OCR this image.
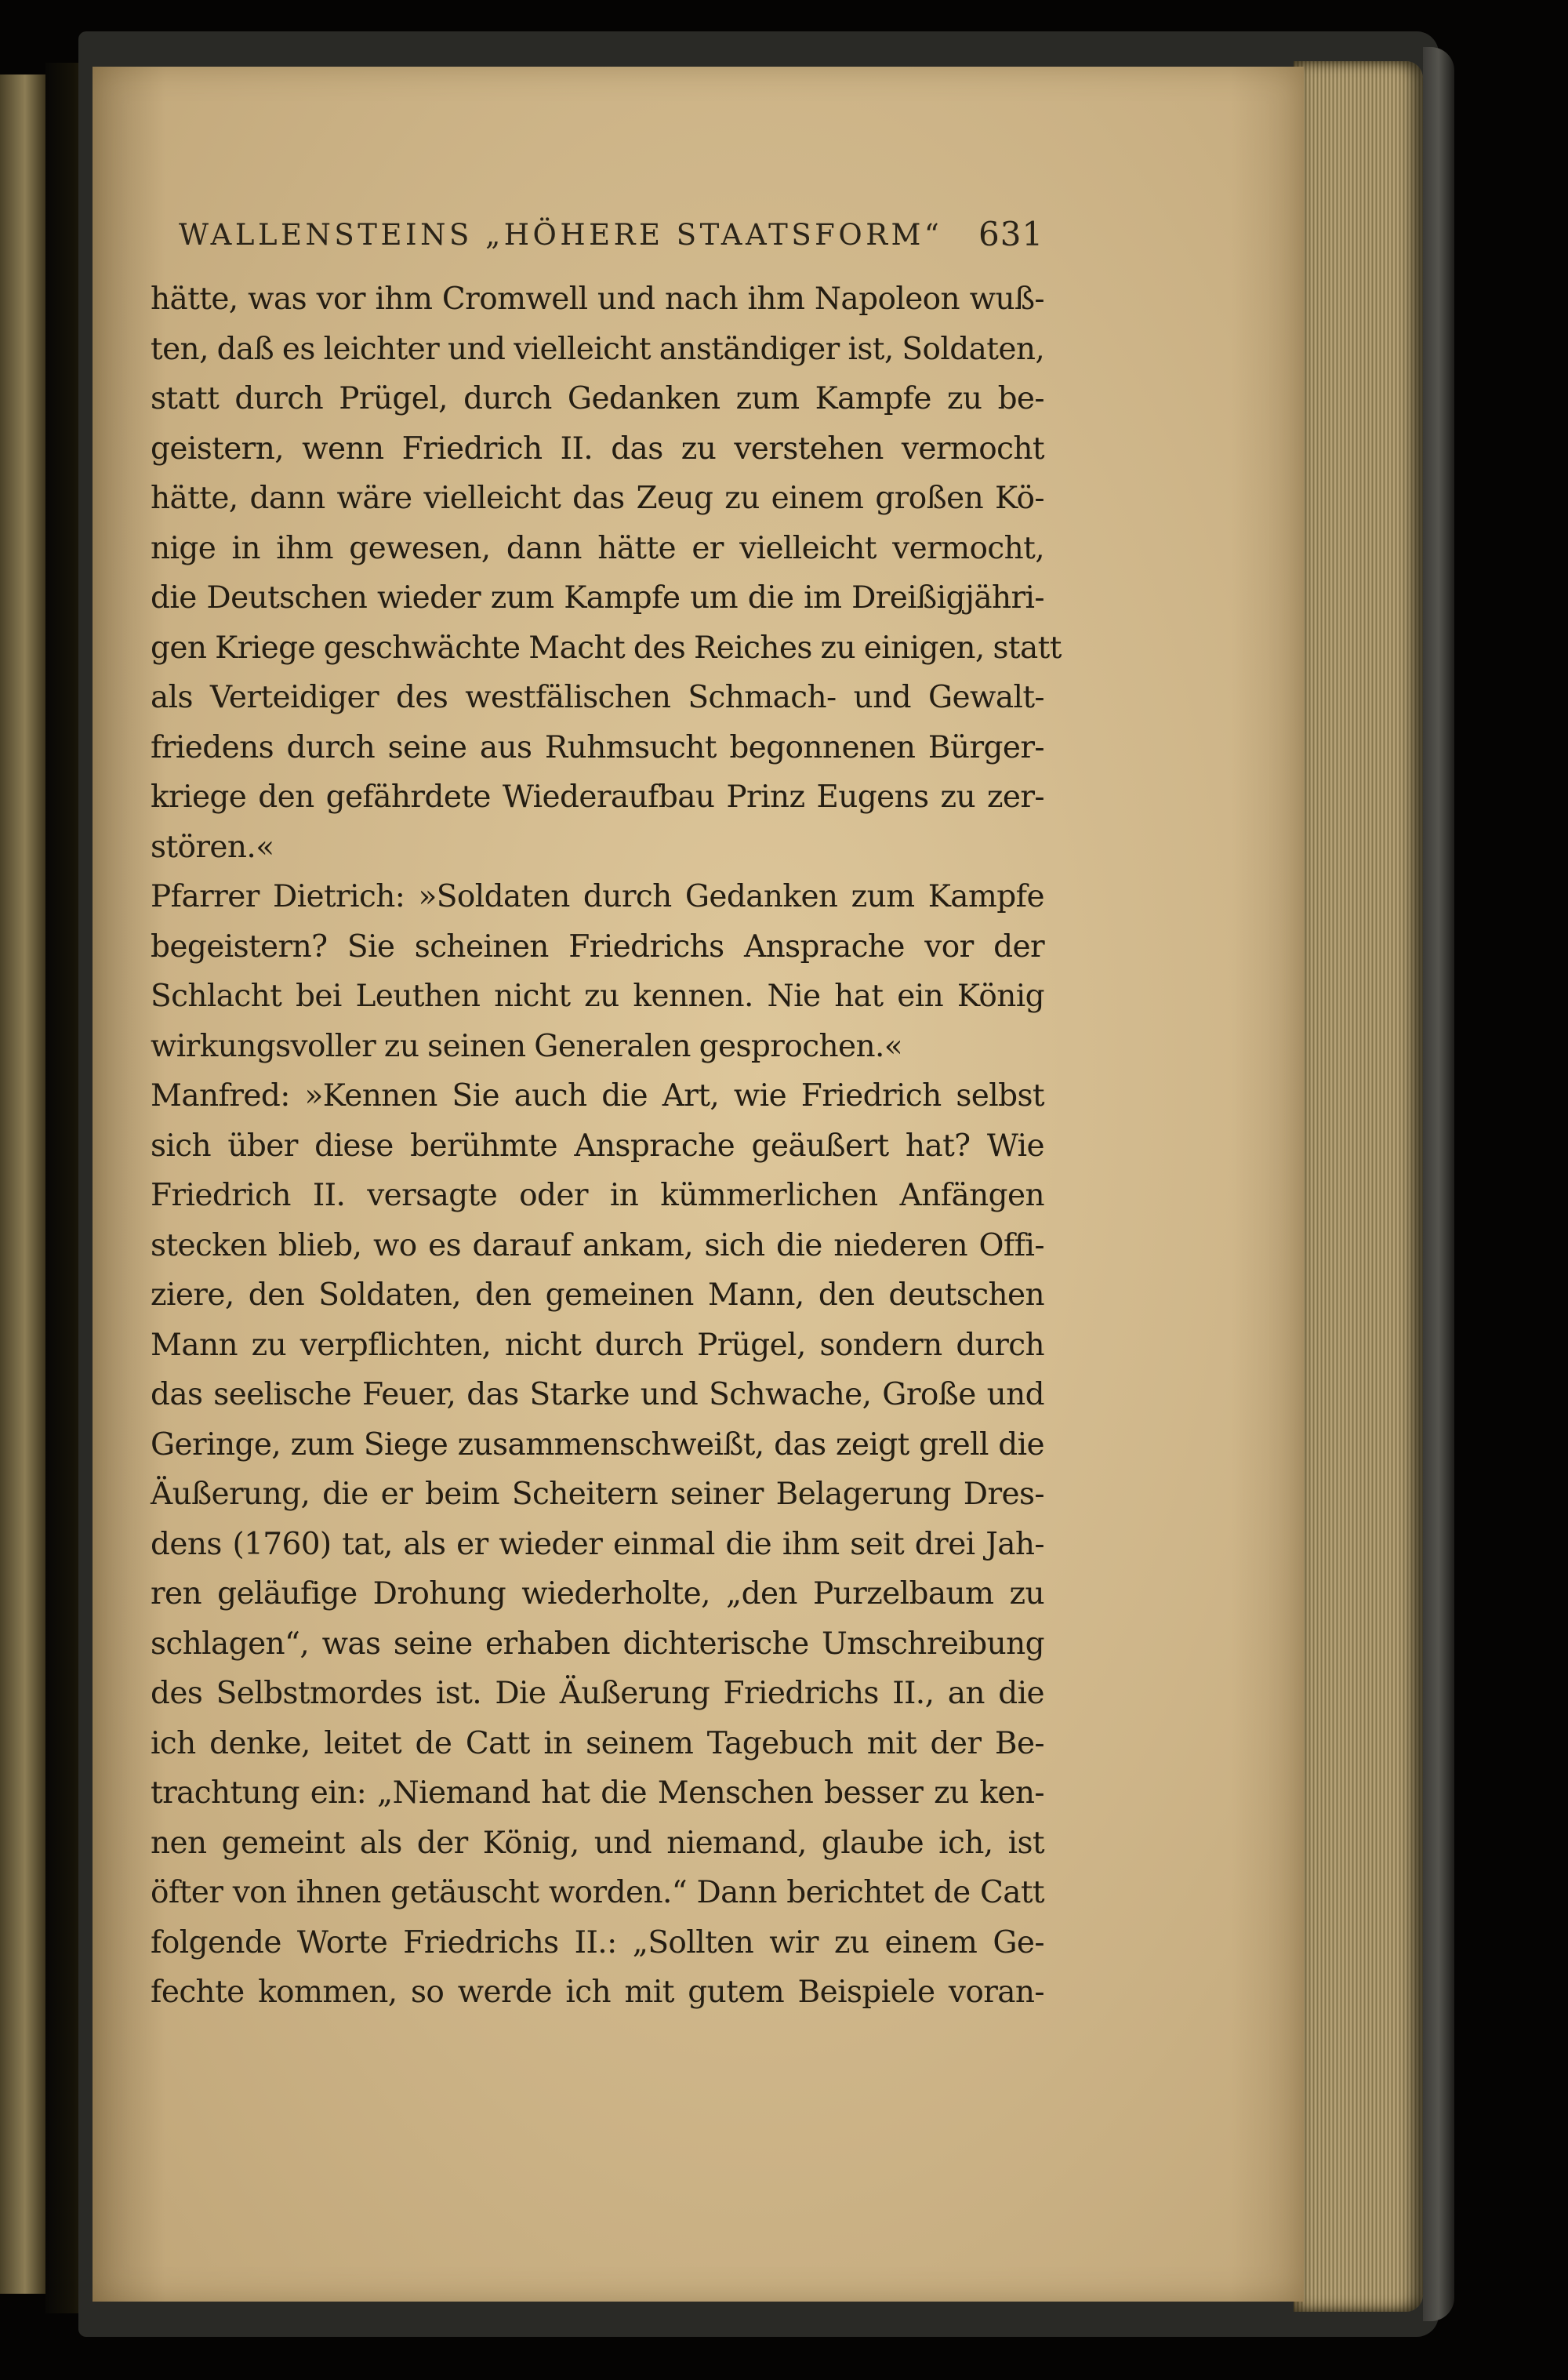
WALLENSTEINS „HÖHERE STAATSFORM“ 631
hätte, was vor ihm Cromwell und nach ihm Napoleon wuß-
ten, daß es leichter und vielleicht anständiger ist, Soldaten,
statt durch Prügel, durch Gedanken zum Kampfe zu be-
geistern, wenn Friedrich II. das zu verstehen vermocht
hätte, dann wäre vielleicht das Zeug zu einem großen Kö-
nige in ihm gewesen, dann hätte er vielleicht vermocht,
die Deutschen wieder zum Kampfe um die im Dreißigjähri-
gen Kriege geschwächte Macht des Reiches zu einigen, statt
als Verteidiger des westfälischen Schmach- und Gewalt-
friedens durch seine aus Ruhmsucht begonnenen Bürger-
kriege den gefährdete Wiederaufbau Prinz Eugens zu zer-
stören.«
Pfarrer Dietrich: »Soldaten durch Gedanken zum Kampfe
begeistern? Sie scheinen Friedrichs Ansprache vor der
Schlacht bei Leuthen nicht zu kennen. Nie hat ein König
wirkungsvoller zu seinen Generalen gesprochen.«
Manfred: »Kennen Sie auch die Art, wie Friedrich selbst
sich über diese berühmte Ansprache geäußert hat? Wie
Friedrich II. versagte oder in kümmerlichen Anfängen
stecken blieb, wo es darauf ankam, sich die niederen Offi-
ziere, den Soldaten, den gemeinen Mann, den deutschen
Mann zu verpflichten, nicht durch Prügel, sondern durch
das seelische Feuer, das Starke und Schwache, Große und
Geringe, zum Siege zusammenschweißt, das zeigt grell die
Äußerung, die er beim Scheitern seiner Belagerung Dres-
dens (1760) tat, als er wieder einmal die ihm seit drei Jah-
ren geläufige Drohung wiederholte, „den Purzelbaum zu
schlagen“, was seine erhaben dichterische Umschreibung
des Selbstmordes ist. Die Äußerung Friedrichs II., an die
ich denke, leitet de Catt in seinem Tagebuch mit der Be-
trachtung ein: „Niemand hat die Menschen besser zu ken-
nen gemeint als der König, und niemand, glaube ich, ist
öfter von ihnen getäuscht worden.“ Dann berichtet de Catt
folgende Worte Friedrichs II.: „Sollten wir zu einem Ge-
fechte kommen, so werde ich mit gutem Beispiele voran-
